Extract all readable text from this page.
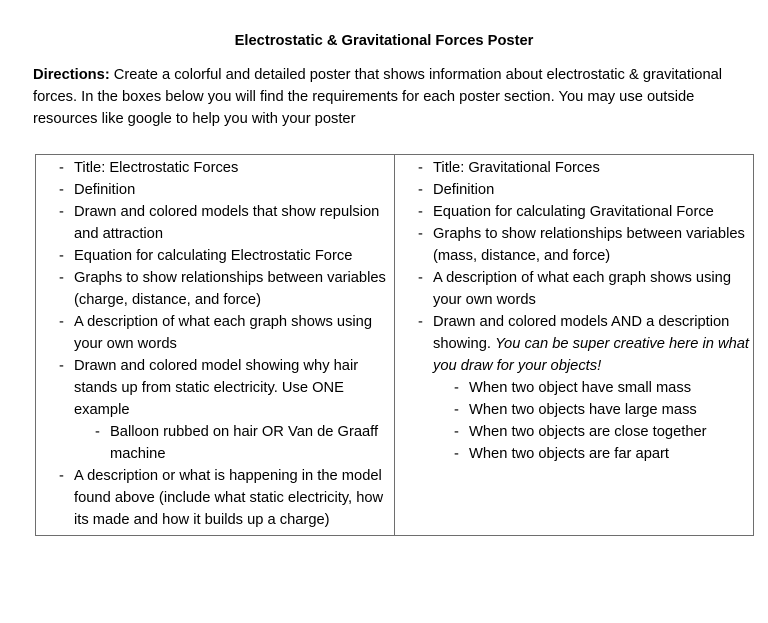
Electrostatic & Gravitational Forces Poster

Directions: Create a colorful and detailed poster that shows information about electrostatic & gravitational forces. In the boxes below you will find the requirements for each poster section. You may use outside resources like google to help you with your poster

- Title: Electrostatic Forces
- Definition
- Drawn and colored models that show repulsion and attraction
- Equation for calculating Electrostatic Force
- Graphs to show relationships between variables (charge, distance, and force)
- A description of what each graph shows using your own words
- Drawn and colored model showing why hair stands up from static electricity. Use ONE example
- Balloon rubbed on hair OR Van de Graaff machine
- A description or what is happening in the model found above (include what static electricity, how its made and how it builds up a charge)

- Title: Gravitational Forces
- Definition
- Equation for calculating Gravitational Force
- Graphs to show relationships between variables (mass, distance, and force)
- A description of what each graph shows using your own words
- Drawn and colored models AND a description showing. You can be super creative here in what you draw for your objects!
- When two object have small mass
- When two objects have large mass
- When two objects are close together
- When two objects are far apart
